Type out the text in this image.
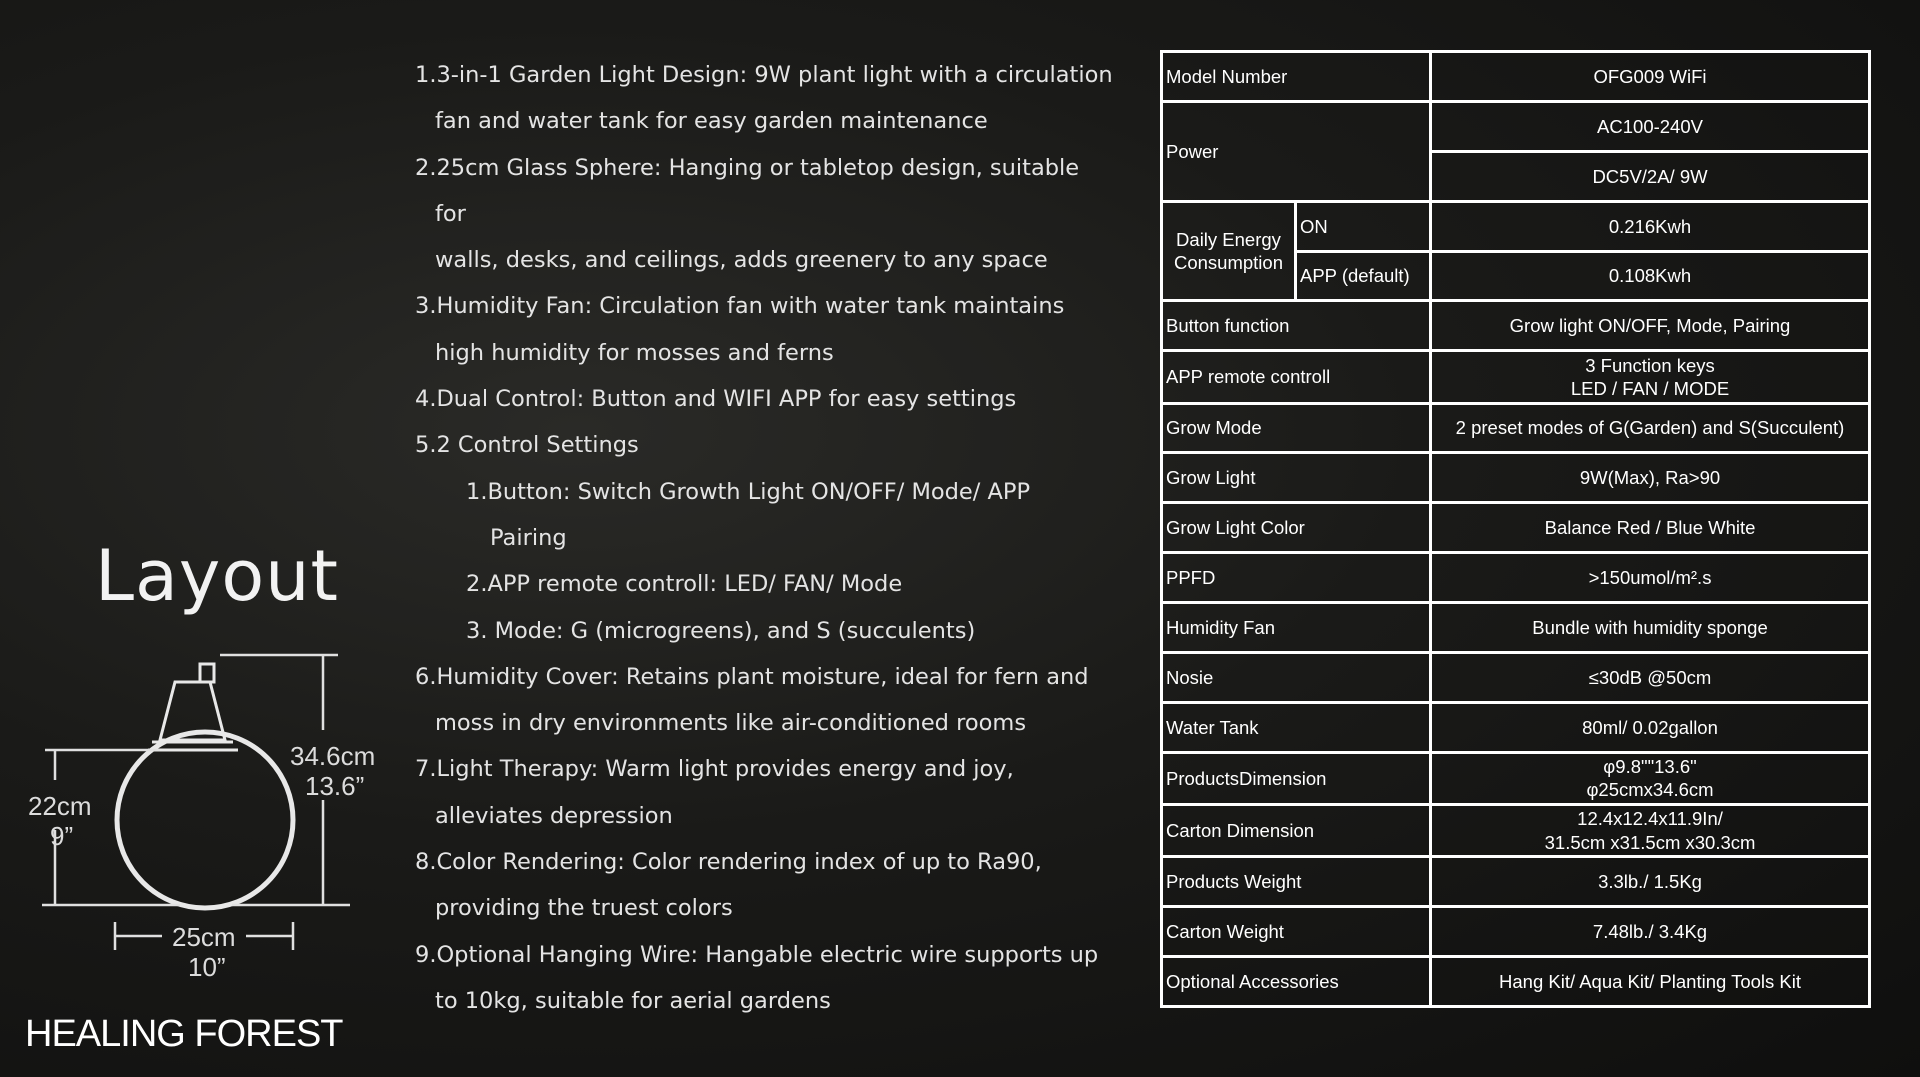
Layout
34.6cm
13.6”
22cm
9”
25cm
10”
HEALING FOREST
1.3-in-1 Garden Light Design: 9W plant light with a circulation
fan and water tank for easy garden maintenance
2.25cm Glass Sphere: Hanging or tabletop design, suitable for
walls, desks, and ceilings, adds greenery to any space
3.Humidity Fan: Circulation fan with water tank maintains
high humidity for mosses and ferns
4.Dual Control: Button and WIFI APP for easy settings
5.2 Control Settings
1.Button: Switch Growth Light ON/OFF/ Mode/ APP
Pairing
2.APP remote controll: LED/ FAN/ Mode
3. Mode: G (microgreens), and S (succulents)
6.Humidity Cover: Retains plant moisture, ideal for fern and
moss in dry environments like air-conditioned rooms
7.Light Therapy: Warm light provides energy and joy,
alleviates depression
8.Color Rendering: Color rendering index of up to Ra90,
providing the truest colors
9.Optional Hanging Wire: Hangable electric wire supports up
to 10kg, suitable for aerial gardens
Model Number		OFG009 WiFi
Power		AC100-240V
		DC5V/2A/ 9W
Daily Energy Consumption	ON	0.216Kwh
	APP (default)	0.108Kwh
Button function		Grow light ON/OFF, Mode, Pairing
APP remote controll		3 Function keys
LED / FAN / MODE
Grow Mode		2 preset modes of G(Garden) and S(Succulent)
Grow Light		9W(Max), Ra>90
Grow Light Color		Balance Red / Blue White
PPFD		>150umol/m².s
Humidity Fan		Bundle with humidity sponge
Nosie		≤30dB @50cm
Water Tank		80ml/ 0.02gallon
ProductsDimension		φ9.8""13.6"
φ25cmx34.6cm
Carton Dimension		12.4x12.4x11.9In/
31.5cm x31.5cm x30.3cm
Products Weight		3.3lb./ 1.5Kg
Carton Weight		7.48lb./ 3.4Kg
Optional Accessories		Hang Kit/ Aqua Kit/ Planting Tools Kit
